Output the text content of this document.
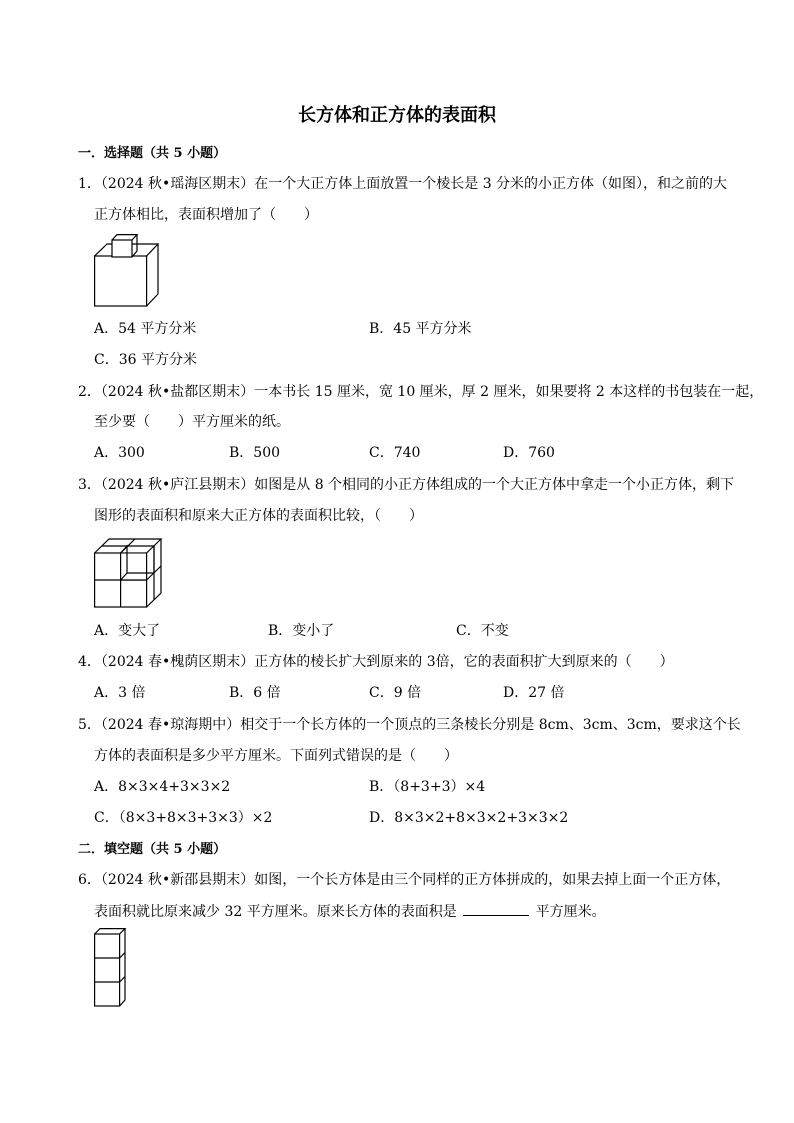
长方体和正方体的表面积
一．选择题（共 5 小题）
1．（2024 秋•瑶海区期末）在一个大正方体上面放置一个棱长是 3 分米的小正方体（如图），和之前的大
正方体相比，表面积增加了（　　）
A．54 平方分米	B．45 平方分米
C．36 平方分米
2．（2024 秋•盐都区期末）一本书长 15 厘米，宽 10 厘米，厚 2 厘米，如果要将 2 本这样的书包装在一起，
至少要（　　）平方厘米的纸。
A．300	B．500	C．740	D．760
3．（2024 秋•庐江县期末）如图是从 8 个相同的小正方体组成的一个大正方体中拿走一个小正方体，剩下
图形的表面积和原来大正方体的表面积比较，（　　）
A．变大了	B．变小了	C．不变
4．（2024 春•槐荫区期末）正方体的棱长扩大到原来的 3倍，它的表面积扩大到原来的（　　）
A．3 倍	B．6 倍	C．9 倍	D．27 倍
5．（2024 春•琼海期中）相交于一个长方体的一个顶点的三条棱长分别是 8cm、3cm、3cm，要求这个长
方体的表面积是多少平方厘米。下面列式错误的是（　　）
A．8×3×4+3×3×2	B．（8+3+3）×4
C．（8×3+8×3+3×3）×2	D．8×3×2+8×3×2+3×3×2
二．填空题（共 5 小题）
6．（2024 秋•新邵县期末）如图，一个长方体是由三个同样的正方体拼成的，如果去掉上面一个正方体，
表面积就比原来减少 32 平方厘米。原来长方体的表面积是	平方厘米。
